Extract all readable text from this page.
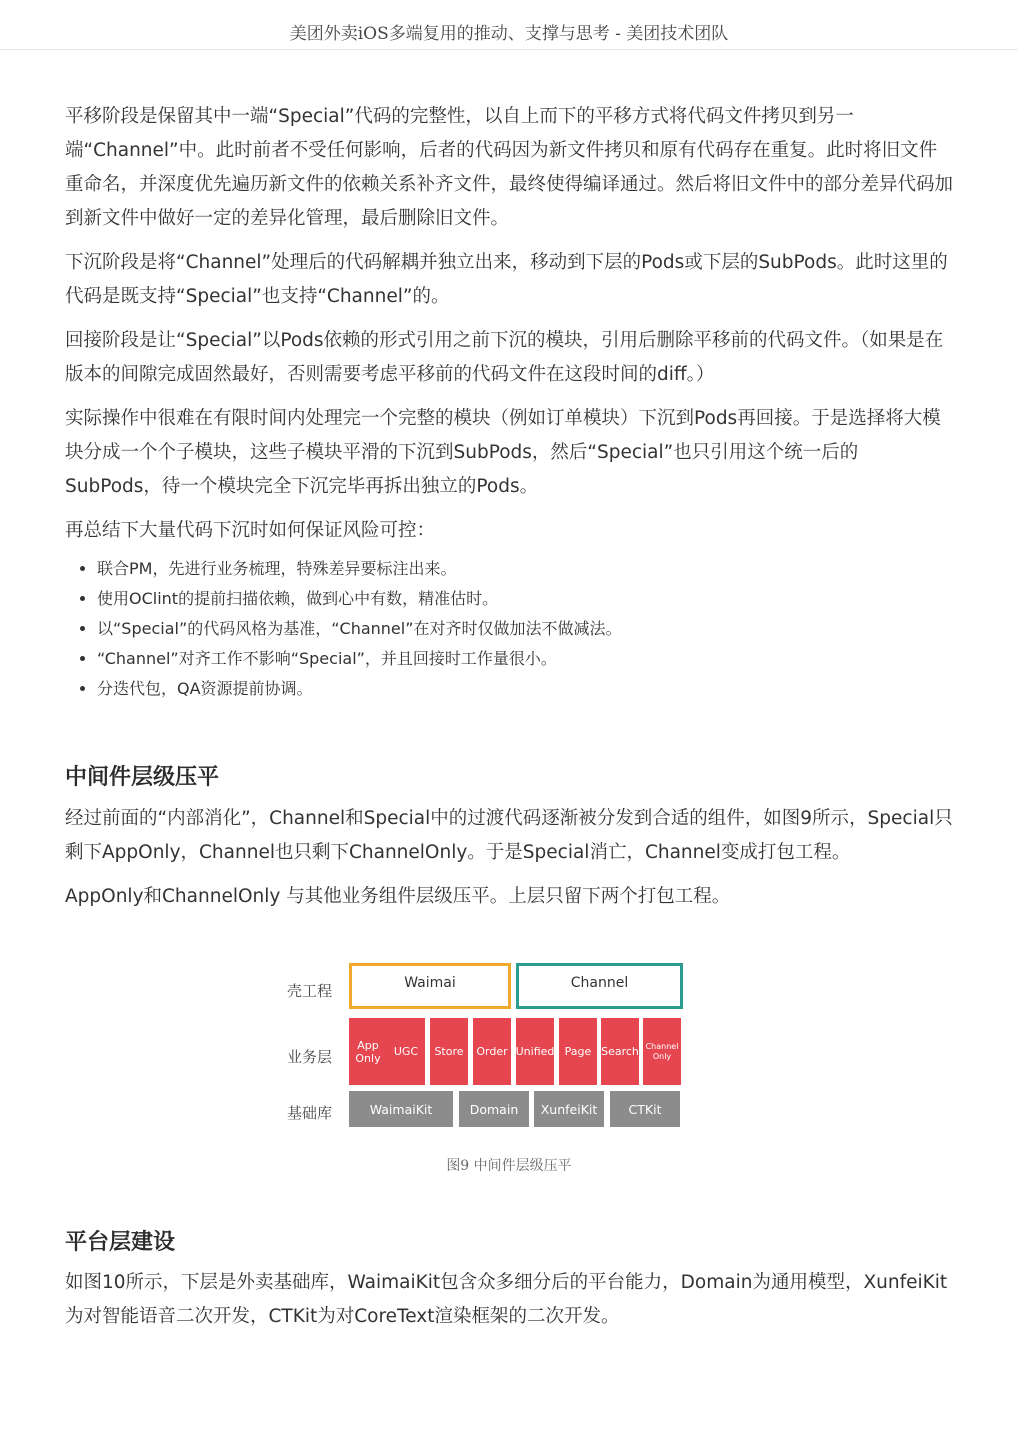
美团外卖iOS多端复用的推动、支撑与思考 - 美团技术团队

平移阶段是保留其中一端“Special”代码的完整性，以自上而下的平移方式将代码文件拷贝到另一端“Channel”中。此时前者不受任何影响，后者的代码因为新文件拷贝和原有代码存在重复。此时将旧文件重命名，并深度优先遍历新文件的依赖关系补齐文件，最终使得编译通过。然后将旧文件中的部分差异代码加到新文件中做好一定的差异化管理，最后删除旧文件。

下沉阶段是将“Channel”处理后的代码解耦并独立出来，移动到下层的Pods或下层的SubPods。此时这里的代码是既支持“Special”也支持“Channel”的。

回接阶段是让“Special”以Pods依赖的形式引用之前下沉的模块，引用后删除平移前的代码文件。（如果是在版本的间隙完成固然最好，否则需要考虑平移前的代码文件在这段时间的diff。）

实际操作中很难在有限时间内处理完一个完整的模块（例如订单模块）下沉到Pods再回接。于是选择将大模块分成一个个子模块，这些子模块平滑的下沉到SubPods，然后“Special”也只引用这个统一后的SubPods，待一个模块完全下沉完毕再拆出独立的Pods。

再总结下大量代码下沉时如何保证风险可控：

• 联合PM，先进行业务梳理，特殊差异要标注出来。
• 使用OClint的提前扫描依赖，做到心中有数，精准估时。
• 以“Special”的代码风格为基准，“Channel”在对齐时仅做加法不做减法。
• “Channel”对齐工作不影响“Special”，并且回接时工作量很小。
• 分迭代包，QA资源提前协调。
中间件层级压平

经过前面的“内部消化”，Channel和Special中的过渡代码逐渐被分发到合适的组件，如图9所示，Special只剩下AppOnly，Channel也只剩下ChannelOnly。于是Special消亡，Channel变成打包工程。

AppOnly和ChannelOnly 与其他业务组件层级压平。上层只留下两个打包工程。

壳工程
业务层
基础库
Waimai	Channel
App Only	UGC	Store	Order Unified Page Search Channel Only
WaimaiKit	Domain	XunfeiKit	CTKit
图9 中间件层级压平
平台层建设

如图10所示，下层是外卖基础库，WaimaiKit包含众多细分后的平台能力，Domain为通用模型，XunfeiKit为对智能语音二次开发，CTKit为对CoreText渲染框架的二次开发。
